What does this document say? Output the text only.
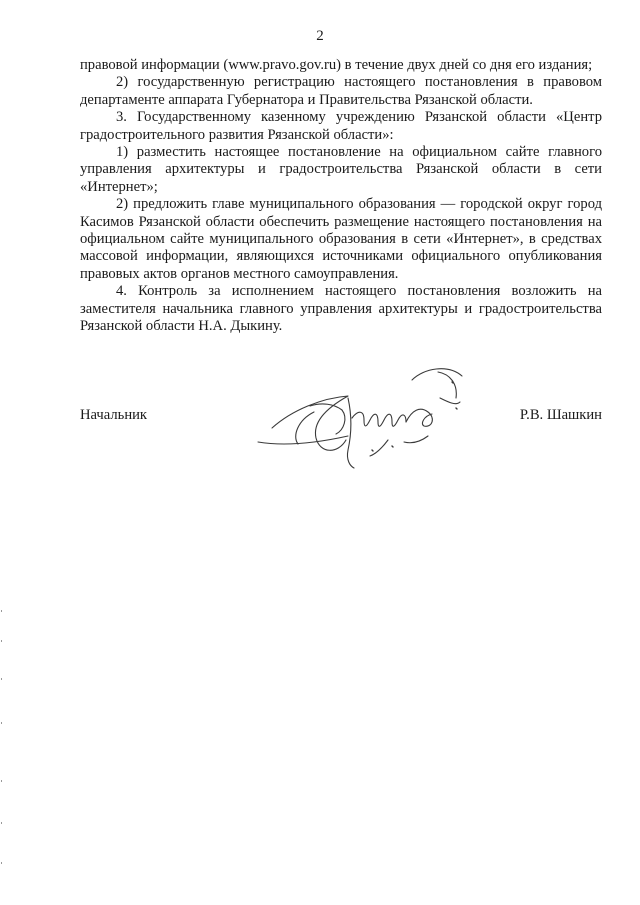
2

правовой информации (www.pravo.gov.ru) в течение двух дней со дня его издания;

2) государственную регистрацию настоящего постановления в правовом департаменте аппарата Губернатора и Правительства Рязанской области.

3. Государственному казенному учреждению Рязанской области «Центр градостроительного развития Рязанской области»:

1) разместить настоящее постановление на официальном сайте главного управления архитектуры и градостроительства Рязанской области в сети «Интернет»;

2) предложить главе муниципального образования — городской округ город Касимов Рязанской области обеспечить размещение настоящего постановления на официальном сайте муниципального образования в сети «Интернет», в средствах массовой информации, являющихся источниками официального опубликования правовых актов органов местного самоуправления.

4. Контроль за исполнением настоящего постановления возложить на заместителя начальника главного управления архитектуры и градостроительства Рязанской области Н.А. Дыкину.

Начальник	Р.В. Шашкин
